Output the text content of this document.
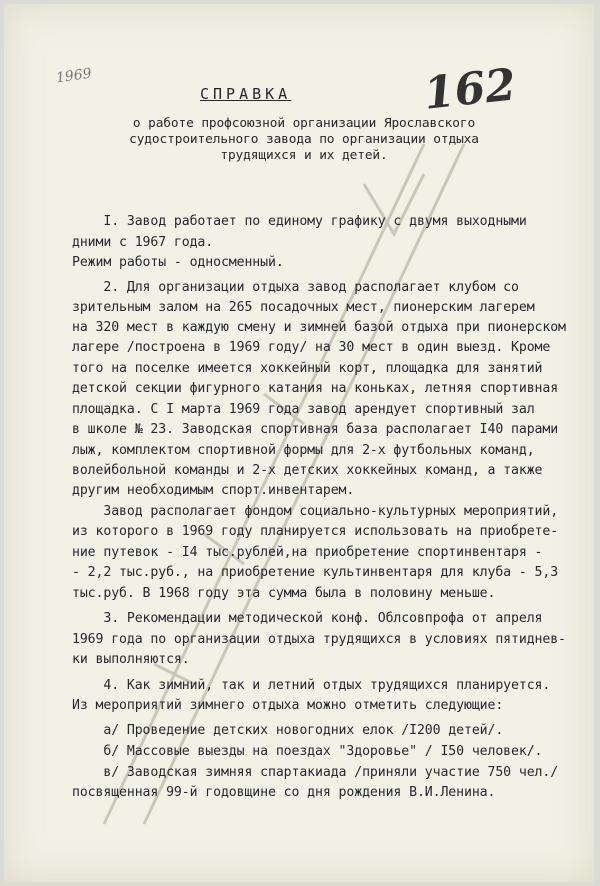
1969	162
СПРАВКА
о работе профсоюзной организации Ярославского
судостроительного завода по организации отдыха
трудящихся и их детей.
I. Завод работает по единому графику с двумя выходными
дними с 1967 года.
Режим работы - односменный.
2. Для организации отдыха завод располагает клубом со
зрительным залом на 265 посадочных мест, пионерским лагерем
на 320 мест в каждую смену и зимней базой отдыха при пионерском
лагере /построена в 1969 году/ на 30 мест в один выезд. Кроме
того на поселке имеется хоккейный корт, площадка для занятий
детской секции фигурного катания на коньках, летняя спортивная
площадка. С I марта 1969 года завод арендует спортивный зал
в школе № 23. Заводская спортивная база располагает I40 парами
лыж, комплектом спортивной формы для 2-х футбольных команд,
волейбольной команды и 2-х детских хоккейных команд, а также
другим необходимым спорт.инвентарем.
Завод располагает фондом социально-культурных мероприятий,
из которого в 1969 году планируется использовать на приобрете-
ние путевок - I4 тыс.рублей,на приобретение спортинвентаря -
- 2,2 тыс.руб., на приобретение культинвентаря для клуба - 5,3
тыс.руб. В 1968 году эта сумма была в половину меньше.
3. Рекомендации методической конф. Облсовпрофа от апреля
1969 года по организации отдыха трудящихся в условиях пятиднев-
ки выполняются.
4. Как зимний, так и летний отдых трудящихся планируется.
Из мероприятий зимнего отдыха можно отметить следующие:
а/ Проведение детских новогодних елок /I200 детей/.
б/ Массовые выезды на поездах "Здоровье" / I50 человек/.
в/ Заводская зимняя спартакиада /приняли участие 750 чел./
посвященная 99-й годовщине со дня рождения В.И.Ленина.
